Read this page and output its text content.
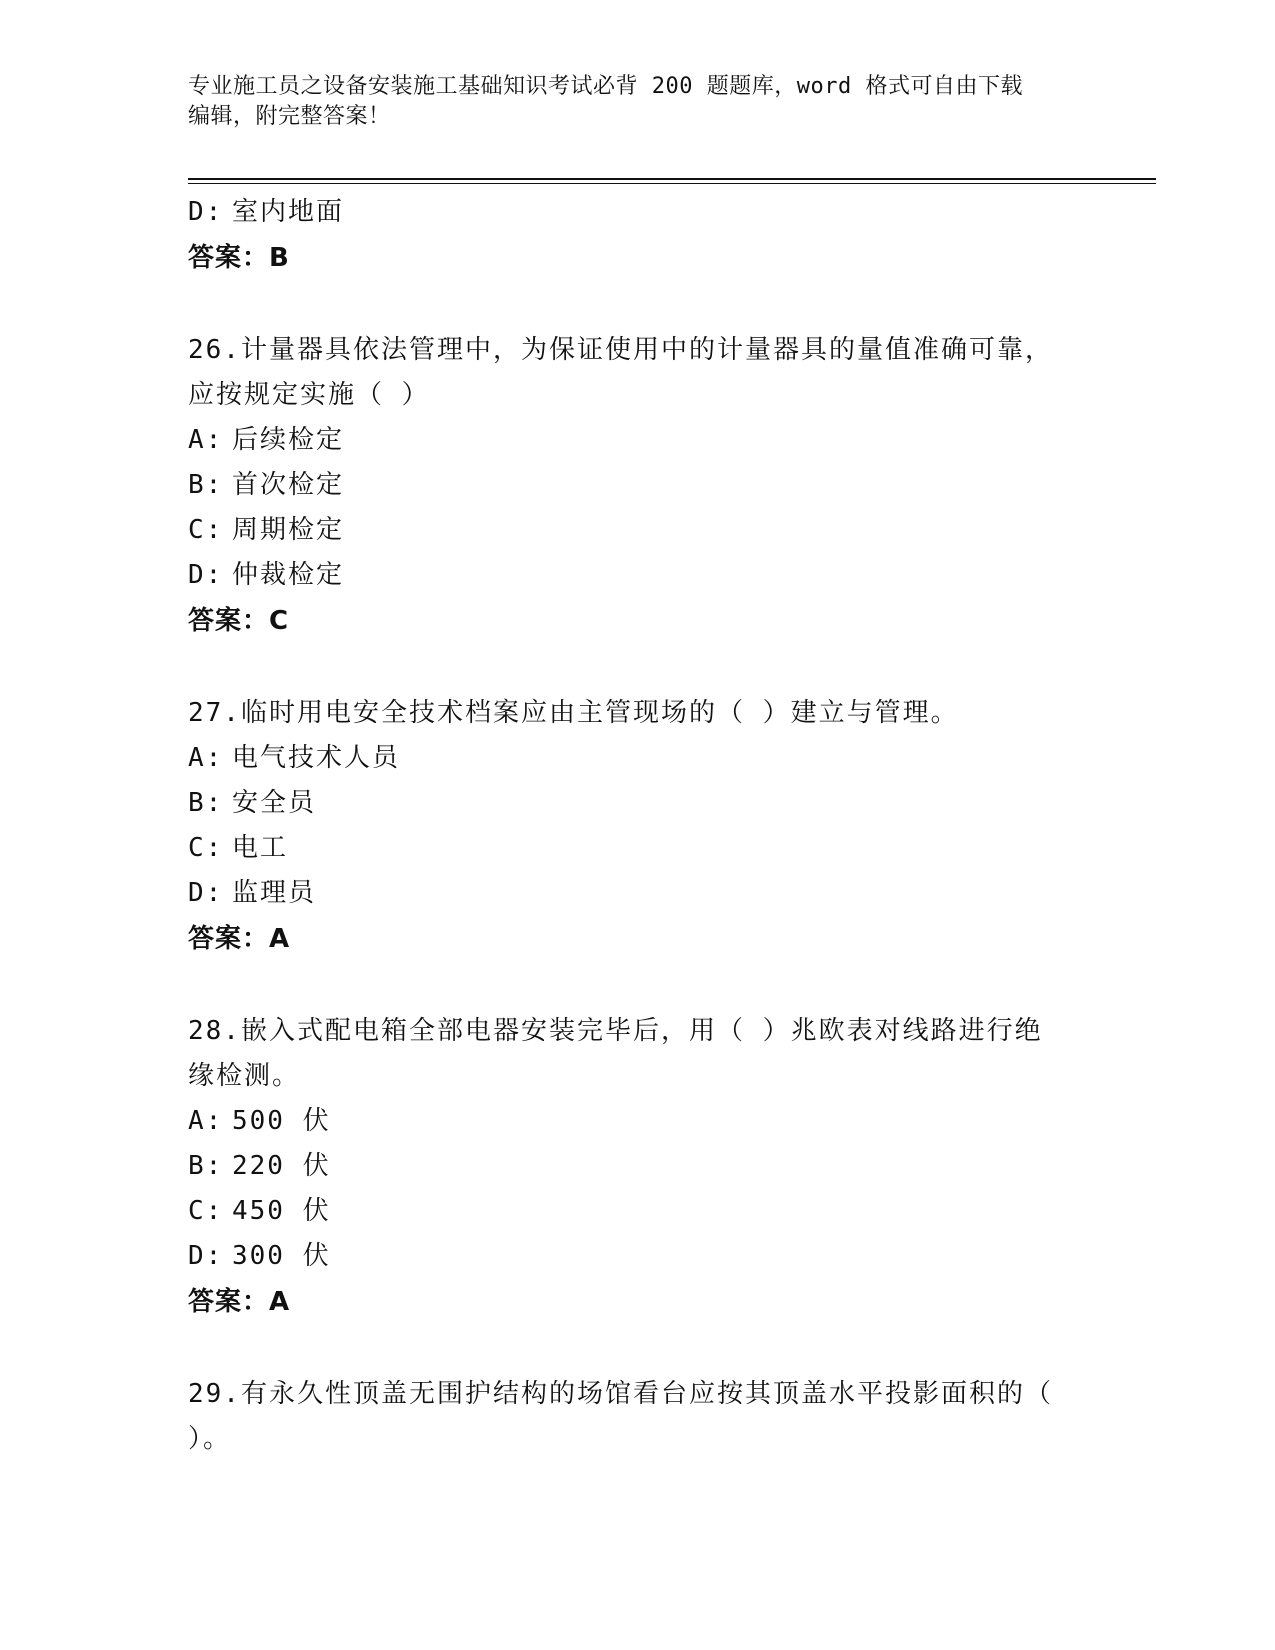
专业施工员之设备安装施工基础知识考试必背 200 题题库，word 格式可自由下载
编辑，附完整答案！
D: 室内地面
答案：B
26.计量器具依法管理中，为保证使用中的计量器具的量值准确可靠，
应按规定实施（ ）
A: 后续检定
B: 首次检定
C: 周期检定
D: 仲裁检定
答案：C
27.临时用电安全技术档案应由主管现场的（ ）建立与管理。
A: 电气技术人员
B: 安全员
C: 电工
D: 监理员
答案：A
28.嵌入式配电箱全部电器安装完毕后，用（ ）兆欧表对线路进行绝
缘检测。
A: 500 伏
B: 220 伏
C: 450 伏
D: 300 伏
答案：A
29.有永久性顶盖无围护结构的场馆看台应按其顶盖水平投影面积的（
）。
